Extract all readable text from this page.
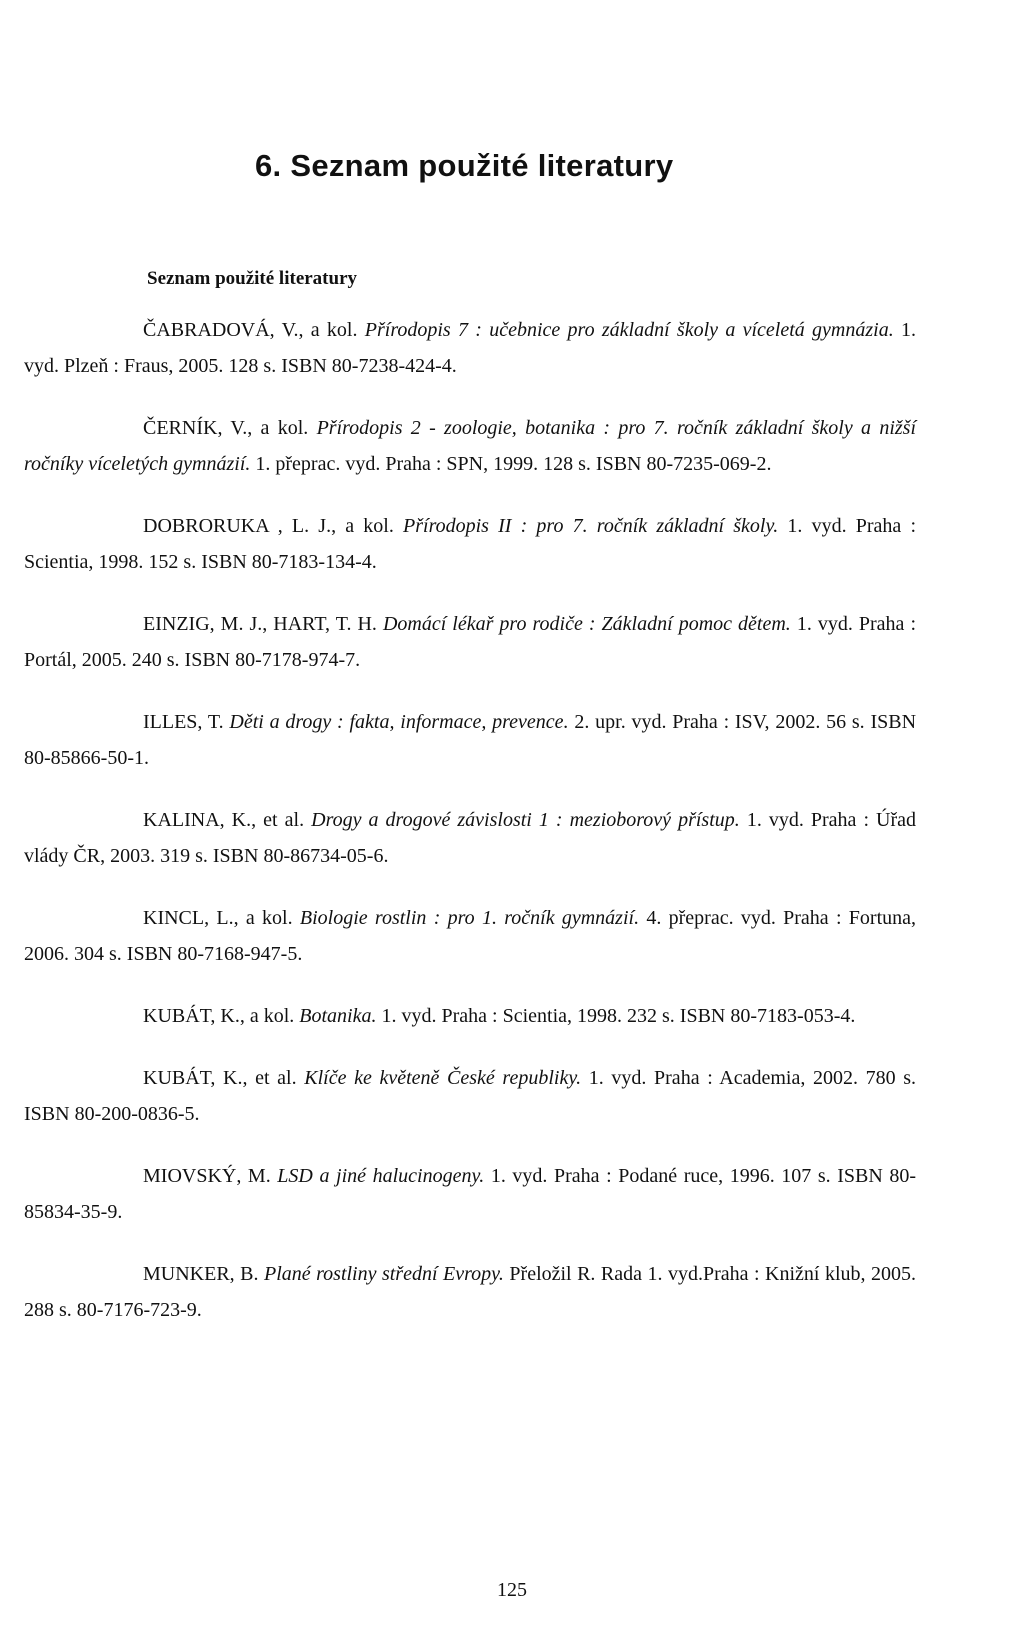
6. Seznam použité literatury
Seznam použité literatury

ČABRADOVÁ, V., a kol. Přírodopis 7 : učebnice pro základní školy a víceletá gymnázia. 1. vyd. Plzeň : Fraus, 2005. 128 s. ISBN 80-7238-424-4.

ČERNÍK, V., a kol. Přírodopis 2 - zoologie, botanika : pro 7. ročník základní školy a nižší ročníky víceletých gymnázií. 1. přeprac. vyd. Praha : SPN, 1999. 128 s. ISBN 80-7235-069-2.

DOBRORUKA , L. J., a kol. Přírodopis II : pro 7. ročník základní školy. 1. vyd. Praha : Scientia, 1998. 152 s. ISBN 80-7183-134-4.

EINZIG, M. J., HART, T. H. Domácí lékař pro rodiče : Základní pomoc dětem. 1. vyd. Praha : Portál, 2005. 240 s. ISBN 80-7178-974-7.

ILLES, T. Děti a drogy : fakta, informace, prevence. 2. upr. vyd. Praha : ISV, 2002. 56 s. ISBN 80-85866-50-1.

KALINA, K., et al. Drogy a drogové závislosti 1 : mezioborový přístup. 1. vyd. Praha : Úřad vlády ČR, 2003. 319 s. ISBN 80-86734-05-6.

KINCL, L., a kol. Biologie rostlin : pro 1. ročník gymnázií. 4. přeprac. vyd. Praha : Fortuna, 2006. 304 s. ISBN 80-7168-947-5.

KUBÁT, K., a kol. Botanika. 1. vyd. Praha : Scientia, 1998. 232 s. ISBN 80-7183-053-4.

KUBÁT, K., et al. Klíče ke květeně České republiky. 1. vyd. Praha : Academia, 2002. 780 s. ISBN 80-200-0836-5.

MIOVSKÝ, M. LSD a jiné halucinogeny. 1. vyd. Praha : Podané ruce, 1996. 107 s. ISBN 80-85834-35-9.

MUNKER, B. Plané rostliny střední Evropy. Přeložil R. Rada 1. vyd.Praha : Knižní klub, 2005. 288 s. 80-7176-723-9.

125
